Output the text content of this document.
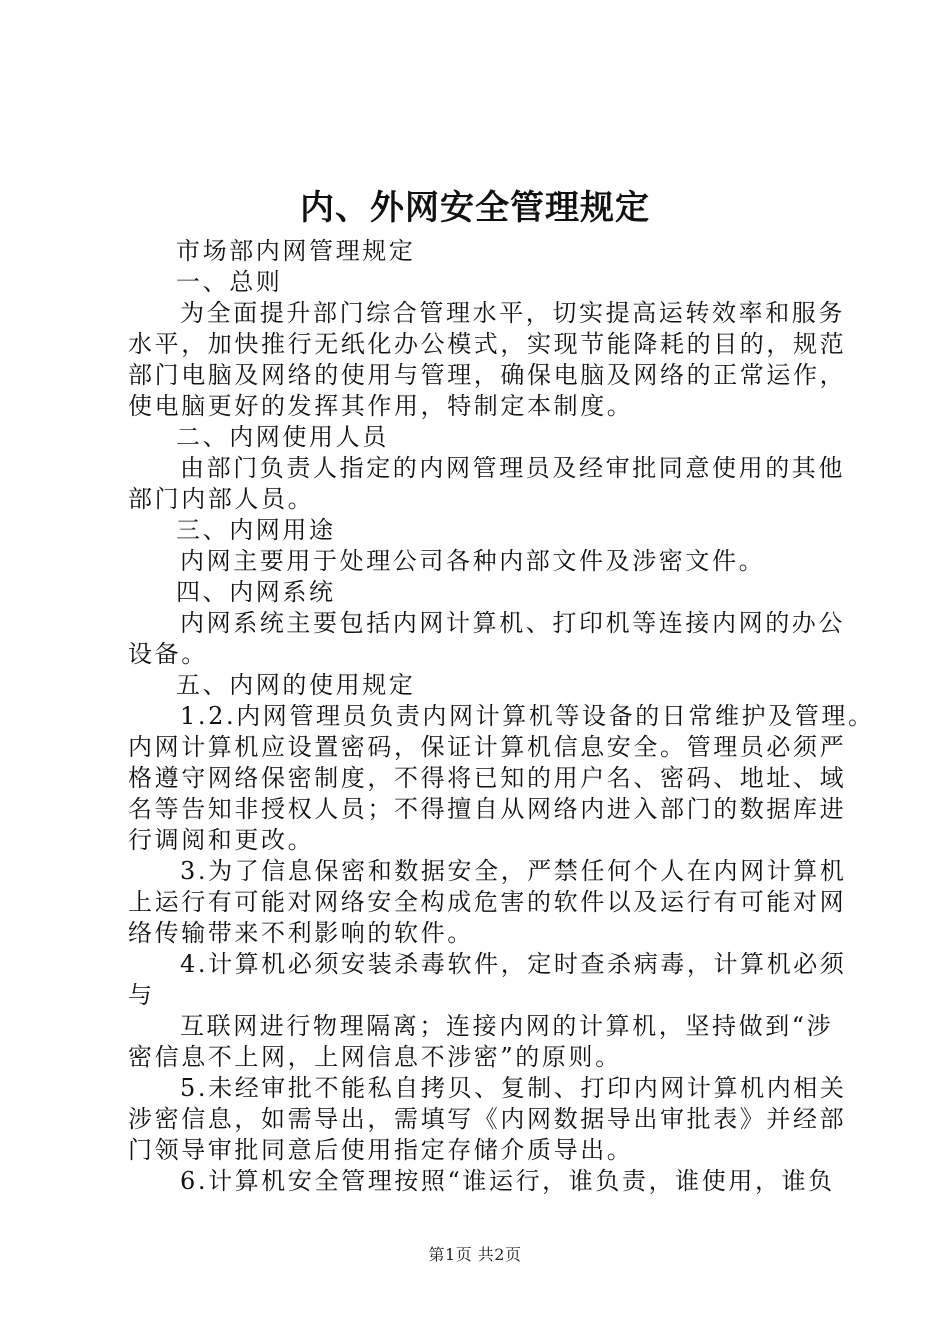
内、外网安全管理规定
市场部内网管理规定
一、总则
为全面提升部门综合管理水平，切实提高运转效率和服务
水平，加快推行无纸化办公模式，实现节能降耗的目的，规范
部门电脑及网络的使用与管理，确保电脑及网络的正常运作，
使电脑更好的发挥其作用，特制定本制度。
二、内网使用人员
由部门负责人指定的内网管理员及经审批同意使用的其他
部门内部人员。
三、内网用途
内网主要用于处理公司各种内部文件及涉密文件。
四、内网系统
内网系统主要包括内网计算机、打印机等连接内网的办公
设备。
五、内网的使用规定
1.2.内网管理员负责内网计算机等设备的日常维护及管理。
内网计算机应设置密码，保证计算机信息安全。管理员必须严
格遵守网络保密制度，不得将已知的用户名、密码、地址、域
名等告知非授权人员；不得擅自从网络内进入部门的数据库进
行调阅和更改。
3.为了信息保密和数据安全，严禁任何个人在内网计算机
上运行有可能对网络安全构成危害的软件以及运行有可能对网
络传输带来不利影响的软件。
4.计算机必须安装杀毒软件，定时查杀病毒，计算机必须
与
互联网进行物理隔离；连接内网的计算机，坚持做到“涉
密信息不上网，上网信息不涉密”的原则。
5.未经审批不能私自拷贝、复制、打印内网计算机内相关
涉密信息，如需导出，需填写《内网数据导出审批表》并经部
门领导审批同意后使用指定存储介质导出。
6.计算机安全管理按照“谁运行，谁负责，谁使用，谁负
第1页 共2页
